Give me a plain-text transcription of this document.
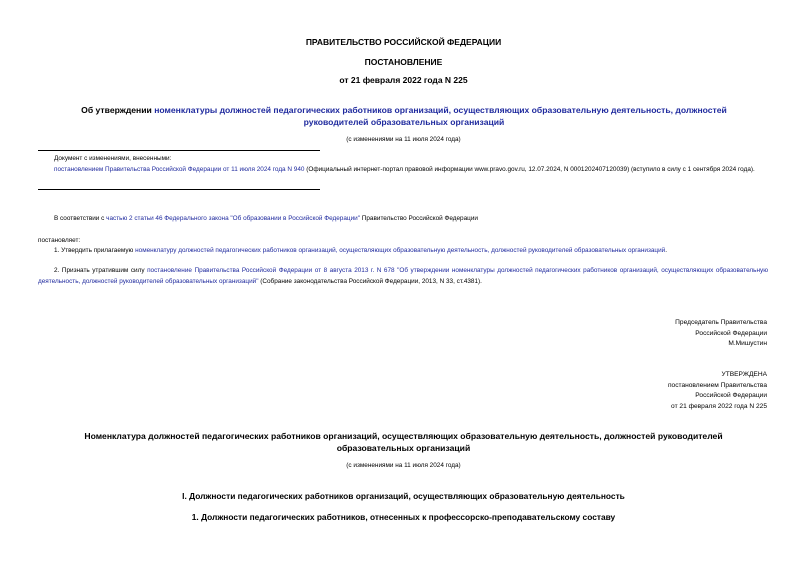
ПРАВИТЕЛЬСТВО РОССИЙСКОЙ ФЕДЕРАЦИИ
ПОСТАНОВЛЕНИЕ
от 21 февраля 2022 года N 225
Об утверждении номенклатуры должностей педагогических работников организаций, осуществляющих образовательную деятельность, должностей руководителей образовательных организаций
(с изменениями на 11 июля 2024 года)
Документ с изменениями, внесенными:
постановлением Правительства Российской Федерации от 11 июля 2024 года N 940 (Официальный интернет-портал правовой информации www.pravo.gov.ru, 12.07.2024, N 0001202407120039) (вступило в силу с 1 сентября 2024 года).
В соответствии с частью 2 статьи 46 Федерального закона "Об образовании в Российской Федерации" Правительство Российской Федерации
постановляет:
1. Утвердить прилагаемую номенклатуру должностей педагогических работников организаций, осуществляющих образовательную деятельность, должностей руководителей образовательных организаций.
2. Признать утратившим силу постановление Правительства Российской Федерации от 8 августа 2013 г. N 678 "Об утверждении номенклатуры должностей педагогических работников организаций, осуществляющих образовательную деятельность, должностей руководителей образовательных организаций" (Собрание законодательства Российской Федерации, 2013, N 33, ст.4381).
Председатель Правительства
Российской Федерации
М.Мишустин
УТВЕРЖДЕНА
постановлением Правительства
Российской Федерации
от 21 февраля 2022 года N 225
Номенклатура должностей педагогических работников организаций, осуществляющих образовательную деятельность, должностей руководителей
образовательных организаций
(с изменениями на 11 июля 2024 года)
I. Должности педагогических работников организаций, осуществляющих образовательную деятельность
1. Должности педагогических работников, отнесенных к профессорско-преподавательскому составу
